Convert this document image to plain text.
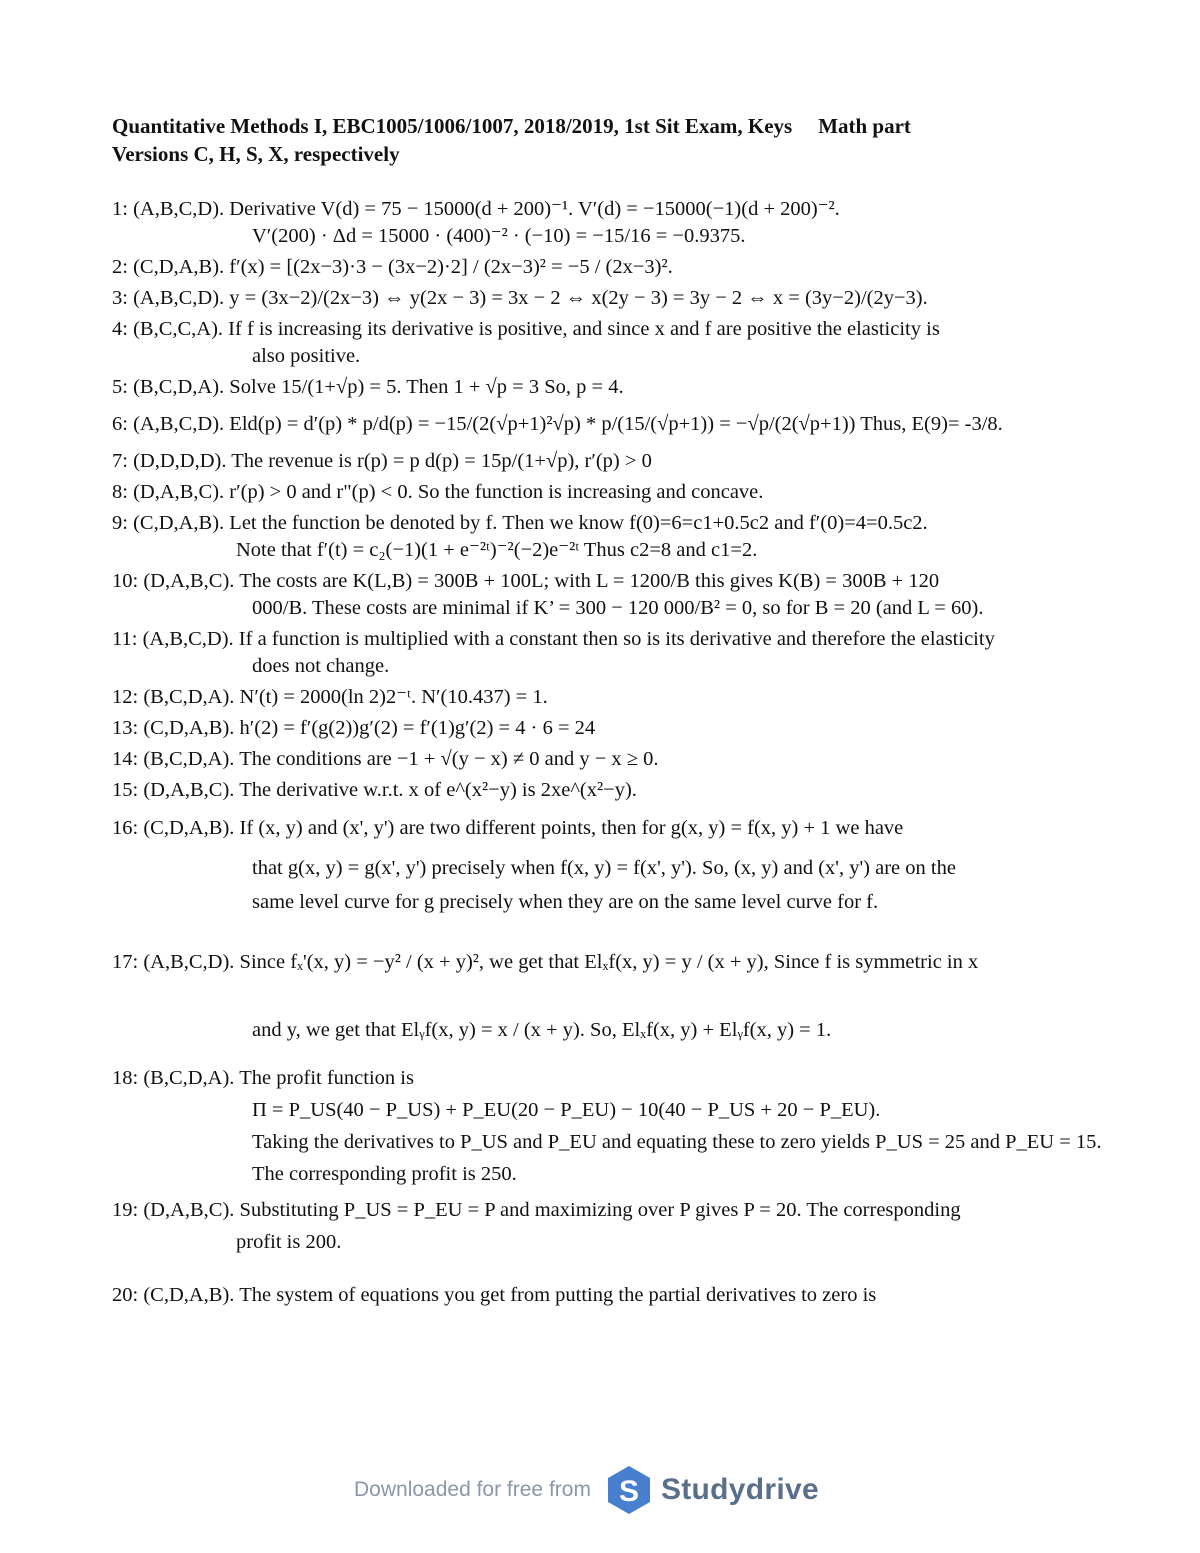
Quantitative Methods I, EBC1005/1006/1007, 2018/2019, 1st Sit Exam, Keys Math part
Versions C, H, S, X, respectively
1: (A,B,C,D). Derivative V(d) = 75 − 15000(d + 200)⁻¹. V′(d) = −15000(−1)(d + 200)⁻².
V′(200) · Δd = 15000 · (400)⁻² · (−10) = −15/16 = −0.9375.
2: (C,D,A,B). f′(x) = [(2x−3)·3 − (3x−2)·2] / (2x−3)² = −5 / (2x−3)².
3: (A,B,C,D). y = (3x−2)/(2x−3) ⇔ y(2x − 3) = 3x − 2 ⇔ x(2y − 3) = 3y − 2 ⇔ x = (3y−2)/(2y−3).
4: (B,C,C,A). If f is increasing its derivative is positive, and since x and f are positive the elasticity is
also positive.
5: (B,C,D,A). Solve 15/(1+√p) = 5. Then 1 + √p = 3 So, p = 4.
6: (A,B,C,D). Eld(p) = d′(p) * p/d(p) = −15/(2(√p+1)²√p) * p/(15/(√p+1)) = −√p/(2(√p+1)) Thus, E(9)= -3/8.
7: (D,D,D,D). The revenue is r(p) = p d(p) = 15p/(1+√p), r′(p) > 0
8: (D,A,B,C). r′(p) > 0 and r"(p) < 0. So the function is increasing and concave.
9: (C,D,A,B). Let the function be denoted by f. Then we know f(0)=6=c1+0.5c2 and f′(0)=4=0.5c2.
Note that f′(t) = c₂(−1)(1 + e⁻²ᵗ)⁻²(−2)e⁻²ᵗ Thus c2=8 and c1=2.
10: (D,A,B,C). The costs are K(L,B) = 300B + 100L; with L = 1200/B this gives K(B) = 300B + 120
000/B. These costs are minimal if K’ = 300 − 120 000/B² = 0, so for B = 20 (and L = 60).
11: (A,B,C,D). If a function is multiplied with a constant then so is its derivative and therefore the elasticity
does not change.
12: (B,C,D,A). N′(t) = 2000(ln 2)2⁻ᵗ. N′(10.437) = 1.
13: (C,D,A,B). h′(2) = f′(g(2))g′(2) = f′(1)g′(2) = 4 · 6 = 24
14: (B,C,D,A). The conditions are −1 + √(y − x) ≠ 0 and y − x ≥ 0.
15: (D,A,B,C). The derivative w.r.t. x of e^(x²−y) is 2xe^(x²−y).
16: (C,D,A,B). If (x, y) and (x', y') are two different points, then for g(x, y) = f(x, y) + 1 we have
that g(x, y) = g(x', y') precisely when f(x, y) = f(x', y'). So, (x, y) and (x', y') are on the
same level curve for g precisely when they are on the same level curve for f.
17: (A,B,C,D). Since fₓ'(x, y) = −y² / (x + y)², we get that Elₓf(x, y) = y / (x + y), Since f is symmetric in x
and y, we get that Elᵧf(x, y) = x / (x + y). So, Elₓf(x, y) + Elᵧf(x, y) = 1.
18: (B,C,D,A). The profit function is
Π = P_US(40 − P_US) + P_EU(20 − P_EU) − 10(40 − P_US + 20 − P_EU).
Taking the derivatives to P_US and P_EU and equating these to zero yields P_US = 25 and P_EU = 15.
The corresponding profit is 250.
19: (D,A,B,C). Substituting P_US = P_EU = P and maximizing over P gives P = 20. The corresponding
profit is 200.
20: (C,D,A,B). The system of equations you get from putting the partial derivatives to zero is
Downloaded for free from S Studydrive
